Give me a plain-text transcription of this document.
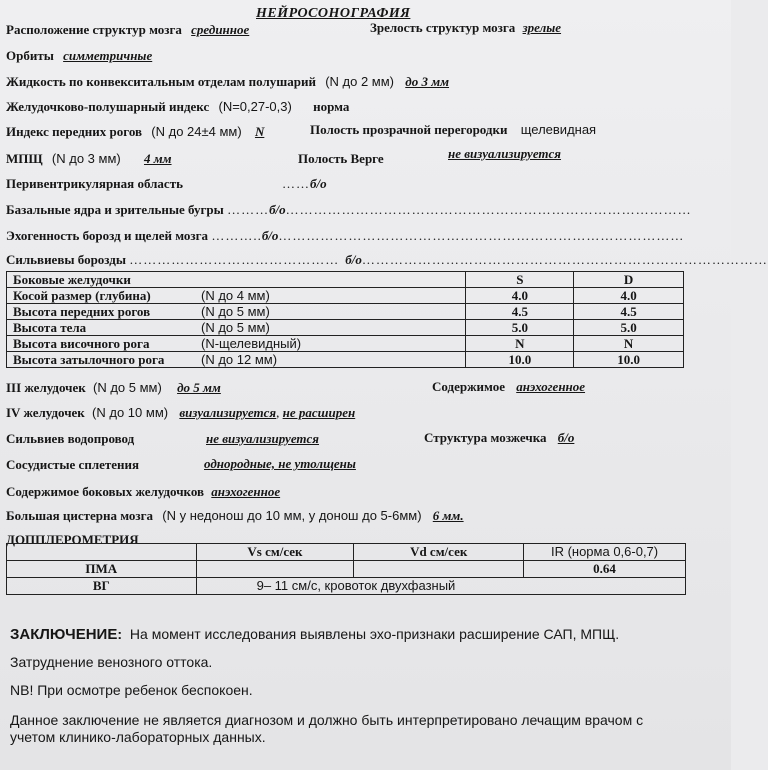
НЕЙРОСОНОГРАФИЯ
Расположение структур мозга срединное	Зрелость структур мозга зрелые
Орбиты симметричные
Жидкость по конвекситальным отделам полушарий (N до 2 мм) до 3 мм
Желудочково-полушарный индекс (N=0,27-0,3) норма
Индекс передних рогов (N до 24±4 мм) N	Полость прозрачной перегородки щелевидная
МПЩ (N до 3 мм) 4 мм	Полость Верге	не визуализируется
Перивентрикулярная область	……б/о
Базальные ядра и зрительные бугры ………б/о……………………………………………………………………………
Эхогенность борозд и щелей мозга ………..б/о……………………………………………………………………………
Сильвиевы борозды ……………………………………… б/о……………………………………………………………………………
Боковые желудочки	S	D
Косой размер (глубина) (N до 4 мм)	4.0	4.0
Высота передних рогов (N до 5 мм)	4.5	4.5
Высота тела (N до 5 мм)	5.0	5.0
Высота височного рога (N-щелевидный)	N	N
Высота затылочного рога (N до 12 мм)	10.0	10.0
III желудочек (N до 5 мм) до 5 мм	Содержимое анэхогенное
IV желудочек (N до 10 мм) визуализируется, не расширен
Сильвиев водопровод	не визуализируется	Структура мозжечка б/о
Сосудистые сплетения	однородные, не утолщены
Содержимое боковых желудочков анэхогенное
Большая цистерна мозга (N у недонош до 10 мм, у донош до 5-6мм) 6 мм.
ДОППЛЕРОМЕТРИЯ
	Vs см/сек	Vd см/сек	IR (норма 0,6-0,7)
ПМА			0.64
ВГ	9– 11 см/с, кровоток двухфазный		
ЗАКЛЮЧЕНИЕ: На момент исследования выявлены эхо-признаки расширение САП, МПЩ.
Затруднение венозного оттока.
NB! При осмотре ребенок беспокоен.
Данное заключение не является диагнозом и должно быть интерпретировано лечащим врачом с
учетом клинико-лабораторных данных.
